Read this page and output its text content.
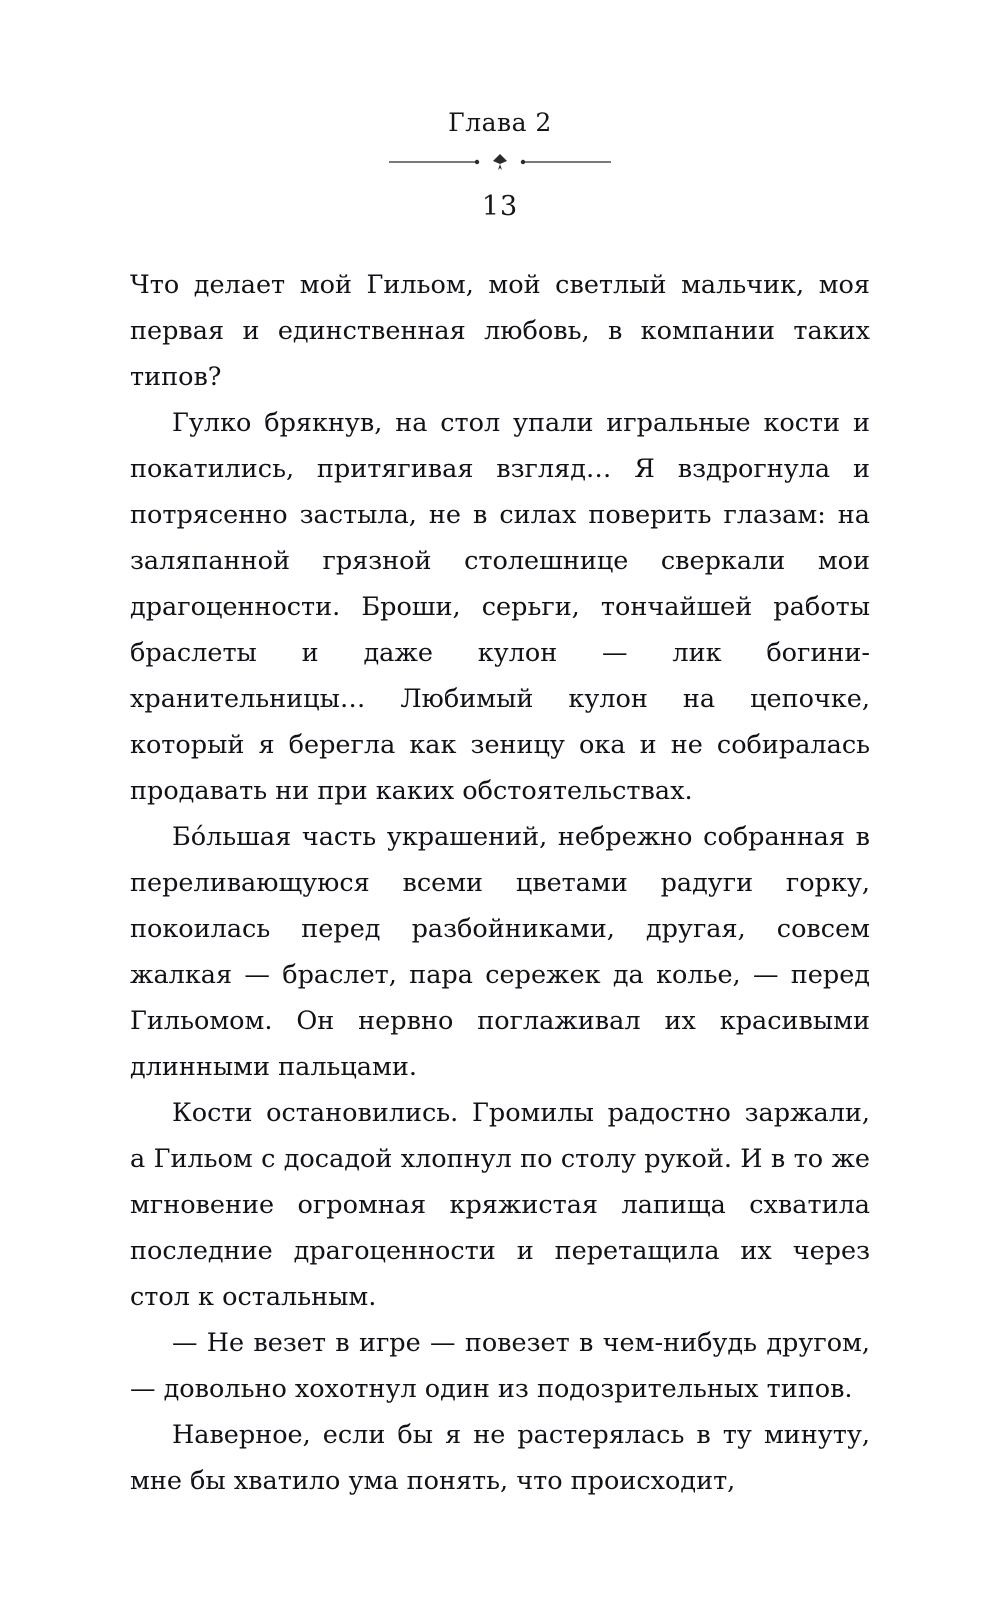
Глава 2
13

Что делает мой Гильом, мой светлый мальчик, моя первая и единственная любовь, в компании таких типов?

Гулко брякнув, на стол упали игральные кости и покатились, притягивая взгляд… Я вздрогнула и потрясенно застыла, не в силах поверить глазам: на заляпанной грязной столешнице сверкали мои драгоценности. Броши, серьги, тончайшей работы браслеты и даже кулон — лик богини-хранительницы… Любимый кулон на цепочке, который я берегла как зеницу ока и не собиралась продавать ни при каких обстоятельствах.

Бо́льшая часть украшений, небрежно собранная в переливающуюся всеми цветами радуги горку, покоилась перед разбойниками, другая, совсем жалкая — браслет, пара сережек да колье, — перед Гильомом. Он нервно поглаживал их красивыми длинными пальцами.

Кости остановились. Громилы радостно заржали, а Гильом с досадой хлопнул по столу рукой. И в то же мгновение огромная кряжистая лапища схватила последние драгоценности и перетащила их через стол к остальным.

— Не везет в игре — повезет в чем-нибудь другом, — довольно хохотнул один из подозрительных типов.

Наверное, если бы я не растерялась в ту минуту, мне бы хватило ума понять, что происходит,
